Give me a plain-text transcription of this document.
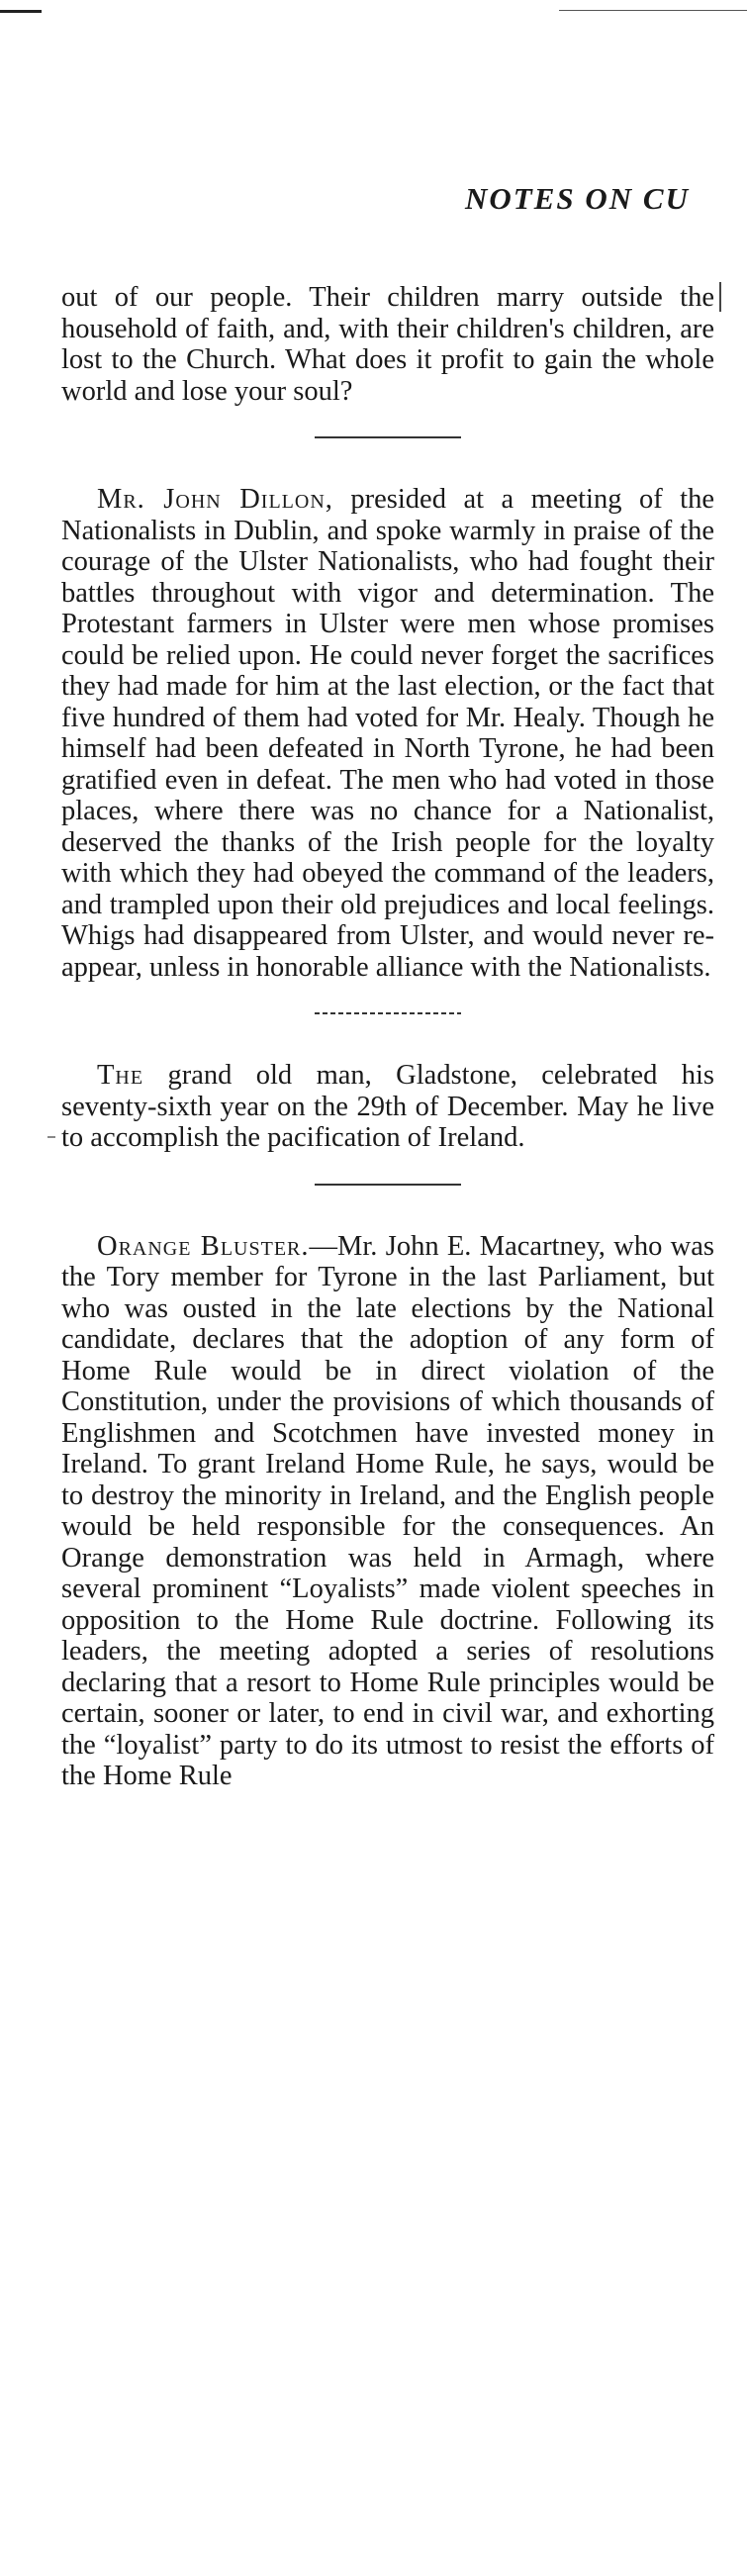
NOTES ON CU

out of our people. Their children marry outside the household of faith, and, with their children's children, are lost to the Church. What does it profit to gain the whole world and lose your soul?

Mr. John Dillon, presided at a meeting of the Nationalists in Dublin, and spoke warmly in praise of the courage of the Ulster Nationalists, who had fought their battles throughout with vigor and determination. The Protestant farmers in Ulster were men whose promises could be relied upon. He could never forget the sacrifices they had made for him at the last election, or the fact that five hundred of them had voted for Mr. Healy. Though he himself had been defeated in North Tyrone, he had been gratified even in defeat. The men who had voted in those places, where there was no chance for a Nationalist, deserved the thanks of the Irish people for the loyalty with which they had obeyed the command of the leaders, and trampled upon their old prejudices and local feelings. Whigs had disappeared from Ulster, and would never re-appear, unless in honorable alliance with the Nationalists.

The grand old man, Gladstone, celebrated his seventy-sixth year on the 29th of December. May he live to accomplish the pacification of Ireland.

Orange Bluster.—Mr. John E. Macartney, who was the Tory member for Tyrone in the last Parliament, but who was ousted in the late elections by the National candidate, declares that the adoption of any form of Home Rule would be in direct violation of the Constitution, under the provisions of which thousands of Englishmen and Scotchmen have invested money in Ireland. To grant Ireland Home Rule, he says, would be to destroy the minority in Ireland, and the English people would be held responsible for the consequences. An Orange demonstration was held in Armagh, where several prominent “Loyalists” made violent speeches in opposition to the Home Rule doctrine. Following its leaders, the meeting adopted a series of resolutions declaring that a resort to Home Rule principles would be certain, sooner or later, to end in civil war, and exhorting the “loyalist” party to do its utmost to resist the efforts of the Home Rule
